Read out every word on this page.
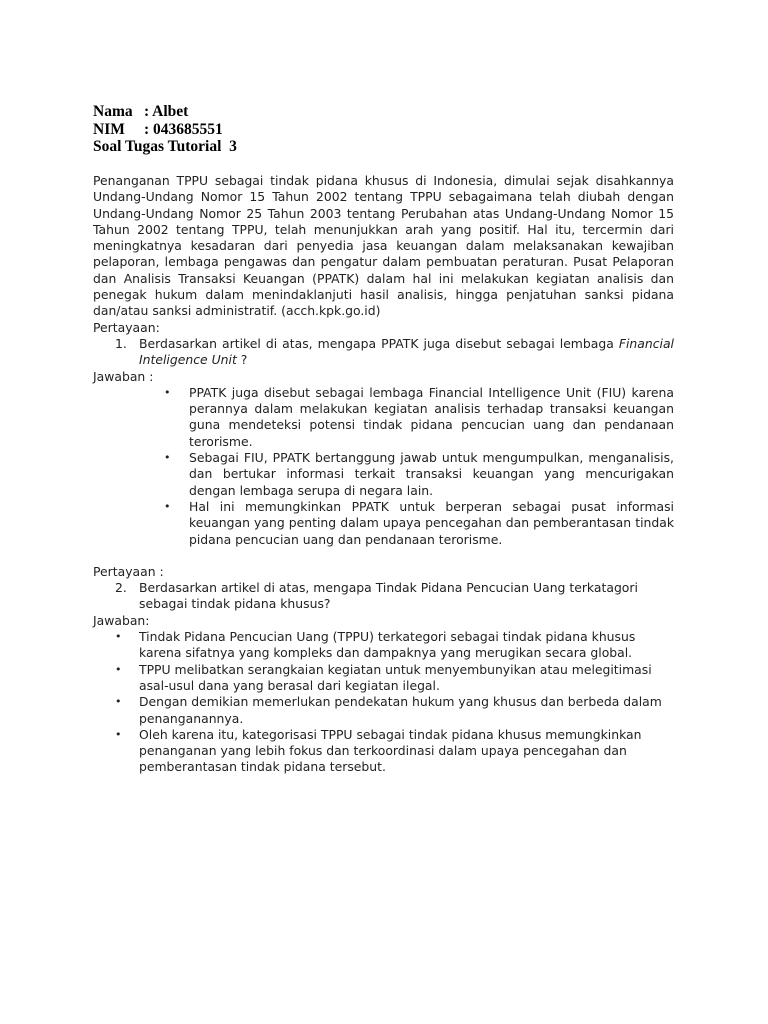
Nama : Albet
NIM : 043685551
Soal Tugas Tutorial  3

Penanganan TPPU sebagai tindak pidana khusus di Indonesia, dimulai sejak disahkannya Undang-Undang Nomor 15 Tahun 2002 tentang TPPU sebagaimana telah diubah dengan Undang-Undang Nomor 25 Tahun 2003 tentang Perubahan atas Undang-Undang Nomor 15 Tahun 2002 tentang TPPU, telah menunjukkan arah yang positif. Hal itu, tercermin dari meningkatnya kesadaran dari penyedia jasa keuangan dalam melaksanakan kewajiban pelaporan, lembaga pengawas dan pengatur dalam pembuatan peraturan. Pusat Pelaporan dan Analisis Transaksi Keuangan (PPATK) dalam hal ini melakukan kegiatan analisis dan penegak hukum dalam menindaklanjuti hasil analisis, hingga penjatuhan sanksi pidana dan/atau sanksi administratif. (acch.kpk.go.id)

Pertayaan:

1. Berdasarkan artikel di atas, mengapa PPATK juga disebut sebagai lembaga Financial Inteligence Unit ?

Jawaban :

• PPATK juga disebut sebagai lembaga Financial Intelligence Unit (FIU) karena perannya dalam melakukan kegiatan analisis terhadap transaksi keuangan guna mendeteksi potensi tindak pidana pencucian uang dan pendanaan terorisme.
• Sebagai FIU, PPATK bertanggung jawab untuk mengumpulkan, menganalisis, dan bertukar informasi terkait transaksi keuangan yang mencurigakan dengan lembaga serupa di negara lain.
• Hal ini memungkinkan PPATK untuk berperan sebagai pusat informasi keuangan yang penting dalam upaya pencegahan dan pemberantasan tindak pidana pencucian uang dan pendanaan terorisme.

Pertayaan :

2. Berdasarkan artikel di atas, mengapa Tindak Pidana Pencucian Uang terkatagori sebagai tindak pidana khusus?

Jawaban:

• Tindak Pidana Pencucian Uang (TPPU) terkategori sebagai tindak pidana khusus karena sifatnya yang kompleks dan dampaknya yang merugikan secara global.
• TPPU melibatkan serangkaian kegiatan untuk menyembunyikan atau melegitimasi asal-usul dana yang berasal dari kegiatan ilegal.
• Dengan demikian memerlukan pendekatan hukum yang khusus dan berbeda dalam penanganannya.
• Oleh karena itu, kategorisasi TPPU sebagai tindak pidana khusus memungkinkan penanganan yang lebih fokus dan terkoordinasi dalam upaya pencegahan dan pemberantasan tindak pidana tersebut.
